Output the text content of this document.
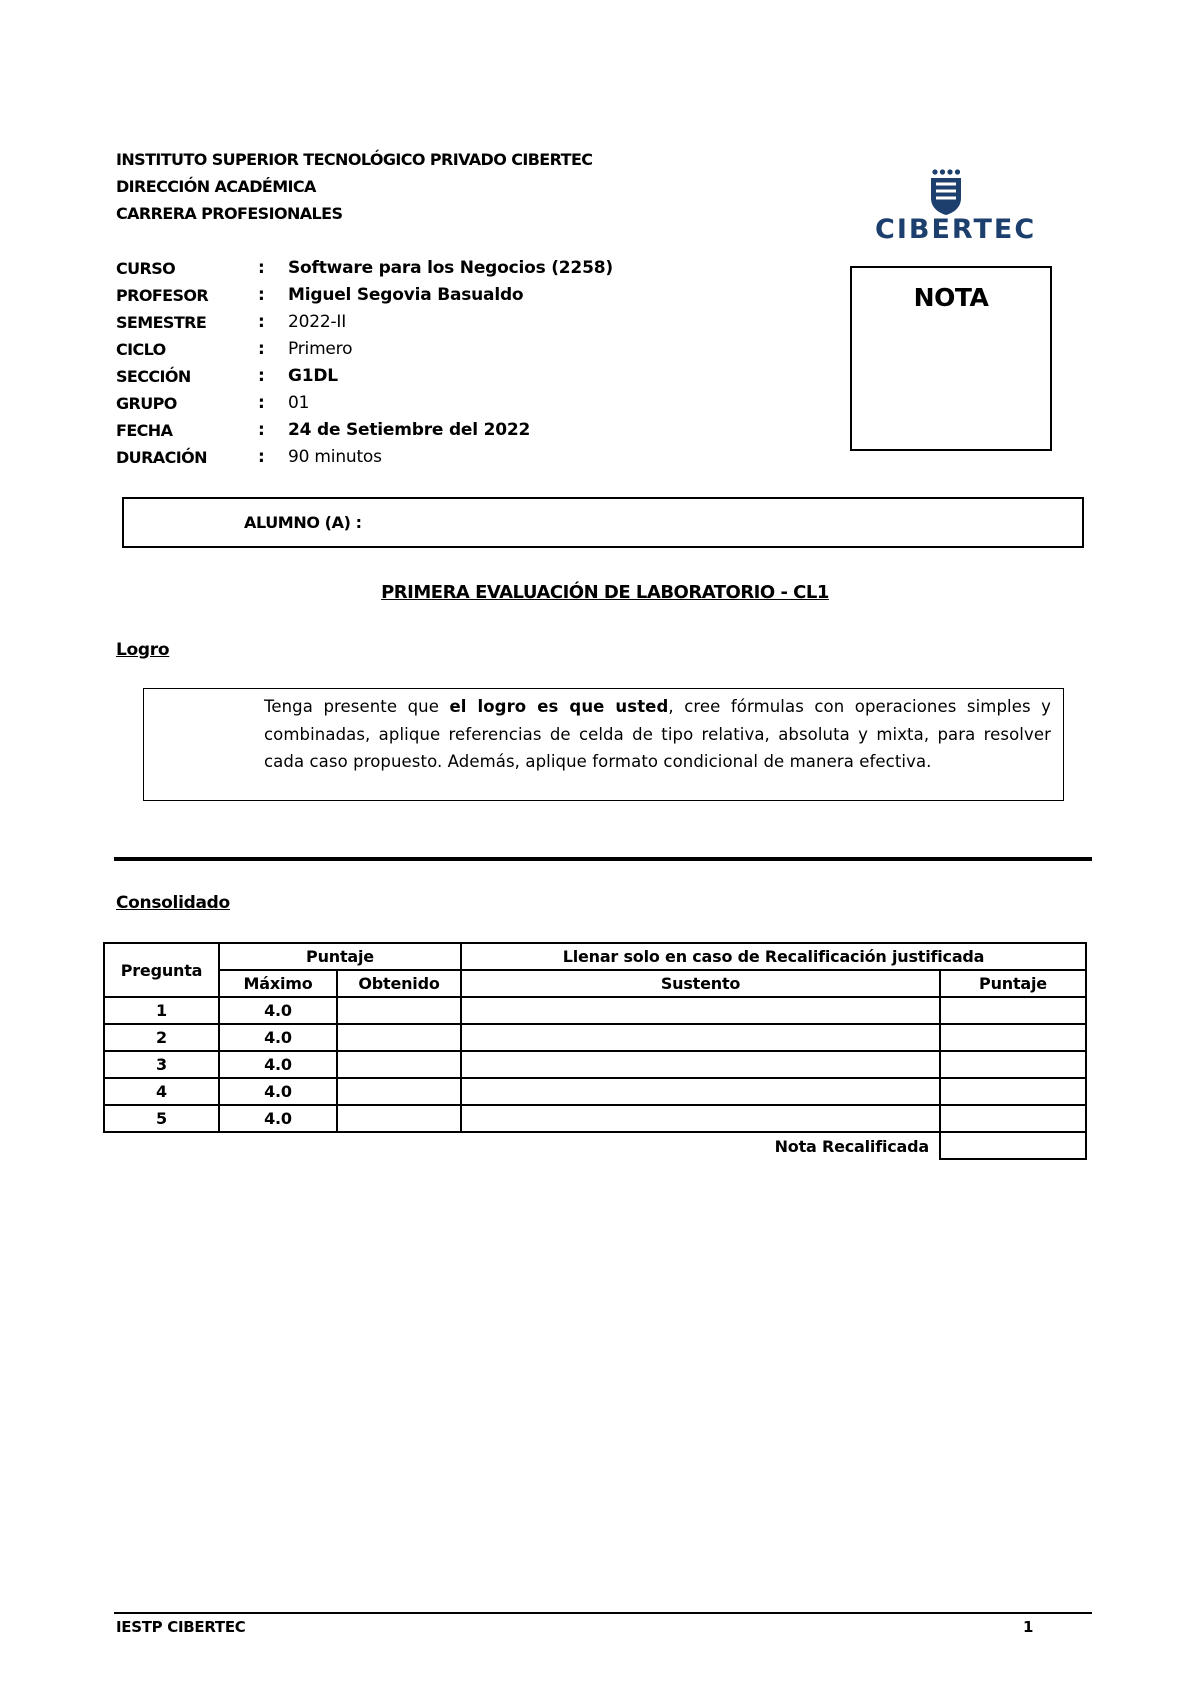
INSTITUTO SUPERIOR TECNOLÓGICO PRIVADO CIBERTEC
DIRECCIÓN ACADÉMICA
CARRERA PROFESIONALES
CIBERTEC
CURSO	: Software para los Negocios (2258)
PROFESOR	: Miguel Segovia Basualdo
SEMESTRE	: 2022-II
CICLO	: Primero
SECCIÓN	: G1DL
GRUPO	: 01
FECHA	: 24 de Setiembre del 2022
DURACIÓN	: 90 minutos
NOTA
ALUMNO (A) :
PRIMERA EVALUACIÓN DE LABORATORIO - CL1
Logro
Tenga presente que el logro es que usted, cree fórmulas con operaciones simples y combinadas, aplique referencias de celda de tipo relativa, absoluta y mixta, para resolver cada caso propuesto. Además, aplique formato condicional de manera efectiva.
Consolidado
Pregunta	Puntaje		Llenar solo en caso de Recalificación justificada	
	Máximo	Obtenido	Sustento	Puntaje
1	4.0			
2	4.0			
3	4.0			
4	4.0			
5	4.0			
Nota Recalificada				
IESTP CIBERTEC	1
